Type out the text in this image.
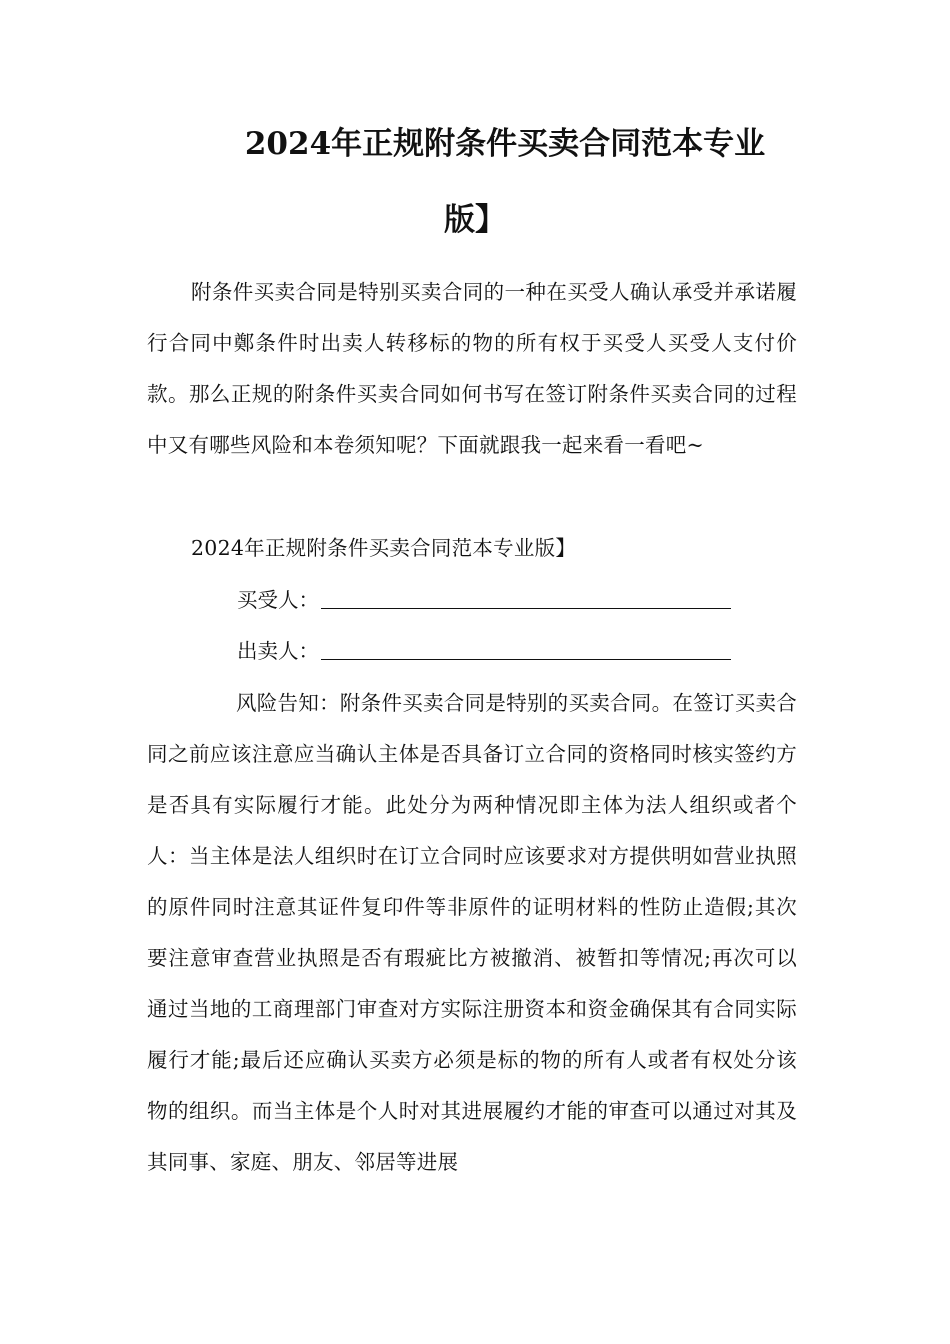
2024年正规附条件买卖合同范本专业
版】
附条件买卖合同是特别买卖合同的一种在买受人确认承受并承诺履行合同中鄭条件时出卖人转移标的物的所有权于买受人买受人支付价款。那么正规的附条件买卖合同如何书写在签订附条件买卖合同的过程中又有哪些风险和本卷须知呢？下面就跟我一起来看一看吧~
2024年正规附条件买卖合同范本专业版】
买受人：
出卖人：
风险告知：附条件买卖合同是特别的买卖合同。在签订买卖合同之前应该注意应当确认主体是否具备订立合同的资格同时核实签约方是否具有实际履行才能。此处分为两种情况即主体为法人组织或者个人：当主体是法人组织时在订立合同时应该要求对方提供明如营业执照的原件同时注意其证件复印件等非原件的证明材料的性防止造假;其次要注意审查营业执照是否有瑕疵比方被撤消、被暂扣等情况;再次可以通过当地的工商理部门审查对方实际注册资本和资金确保其有合同实际履行才能;最后还应确认买卖方必须是标的物的所有人或者有权处分该物的组织。而当主体是个人时对其进展履约才能的审查可以通过对其及其同事、家庭、朋友、邻居等进展
